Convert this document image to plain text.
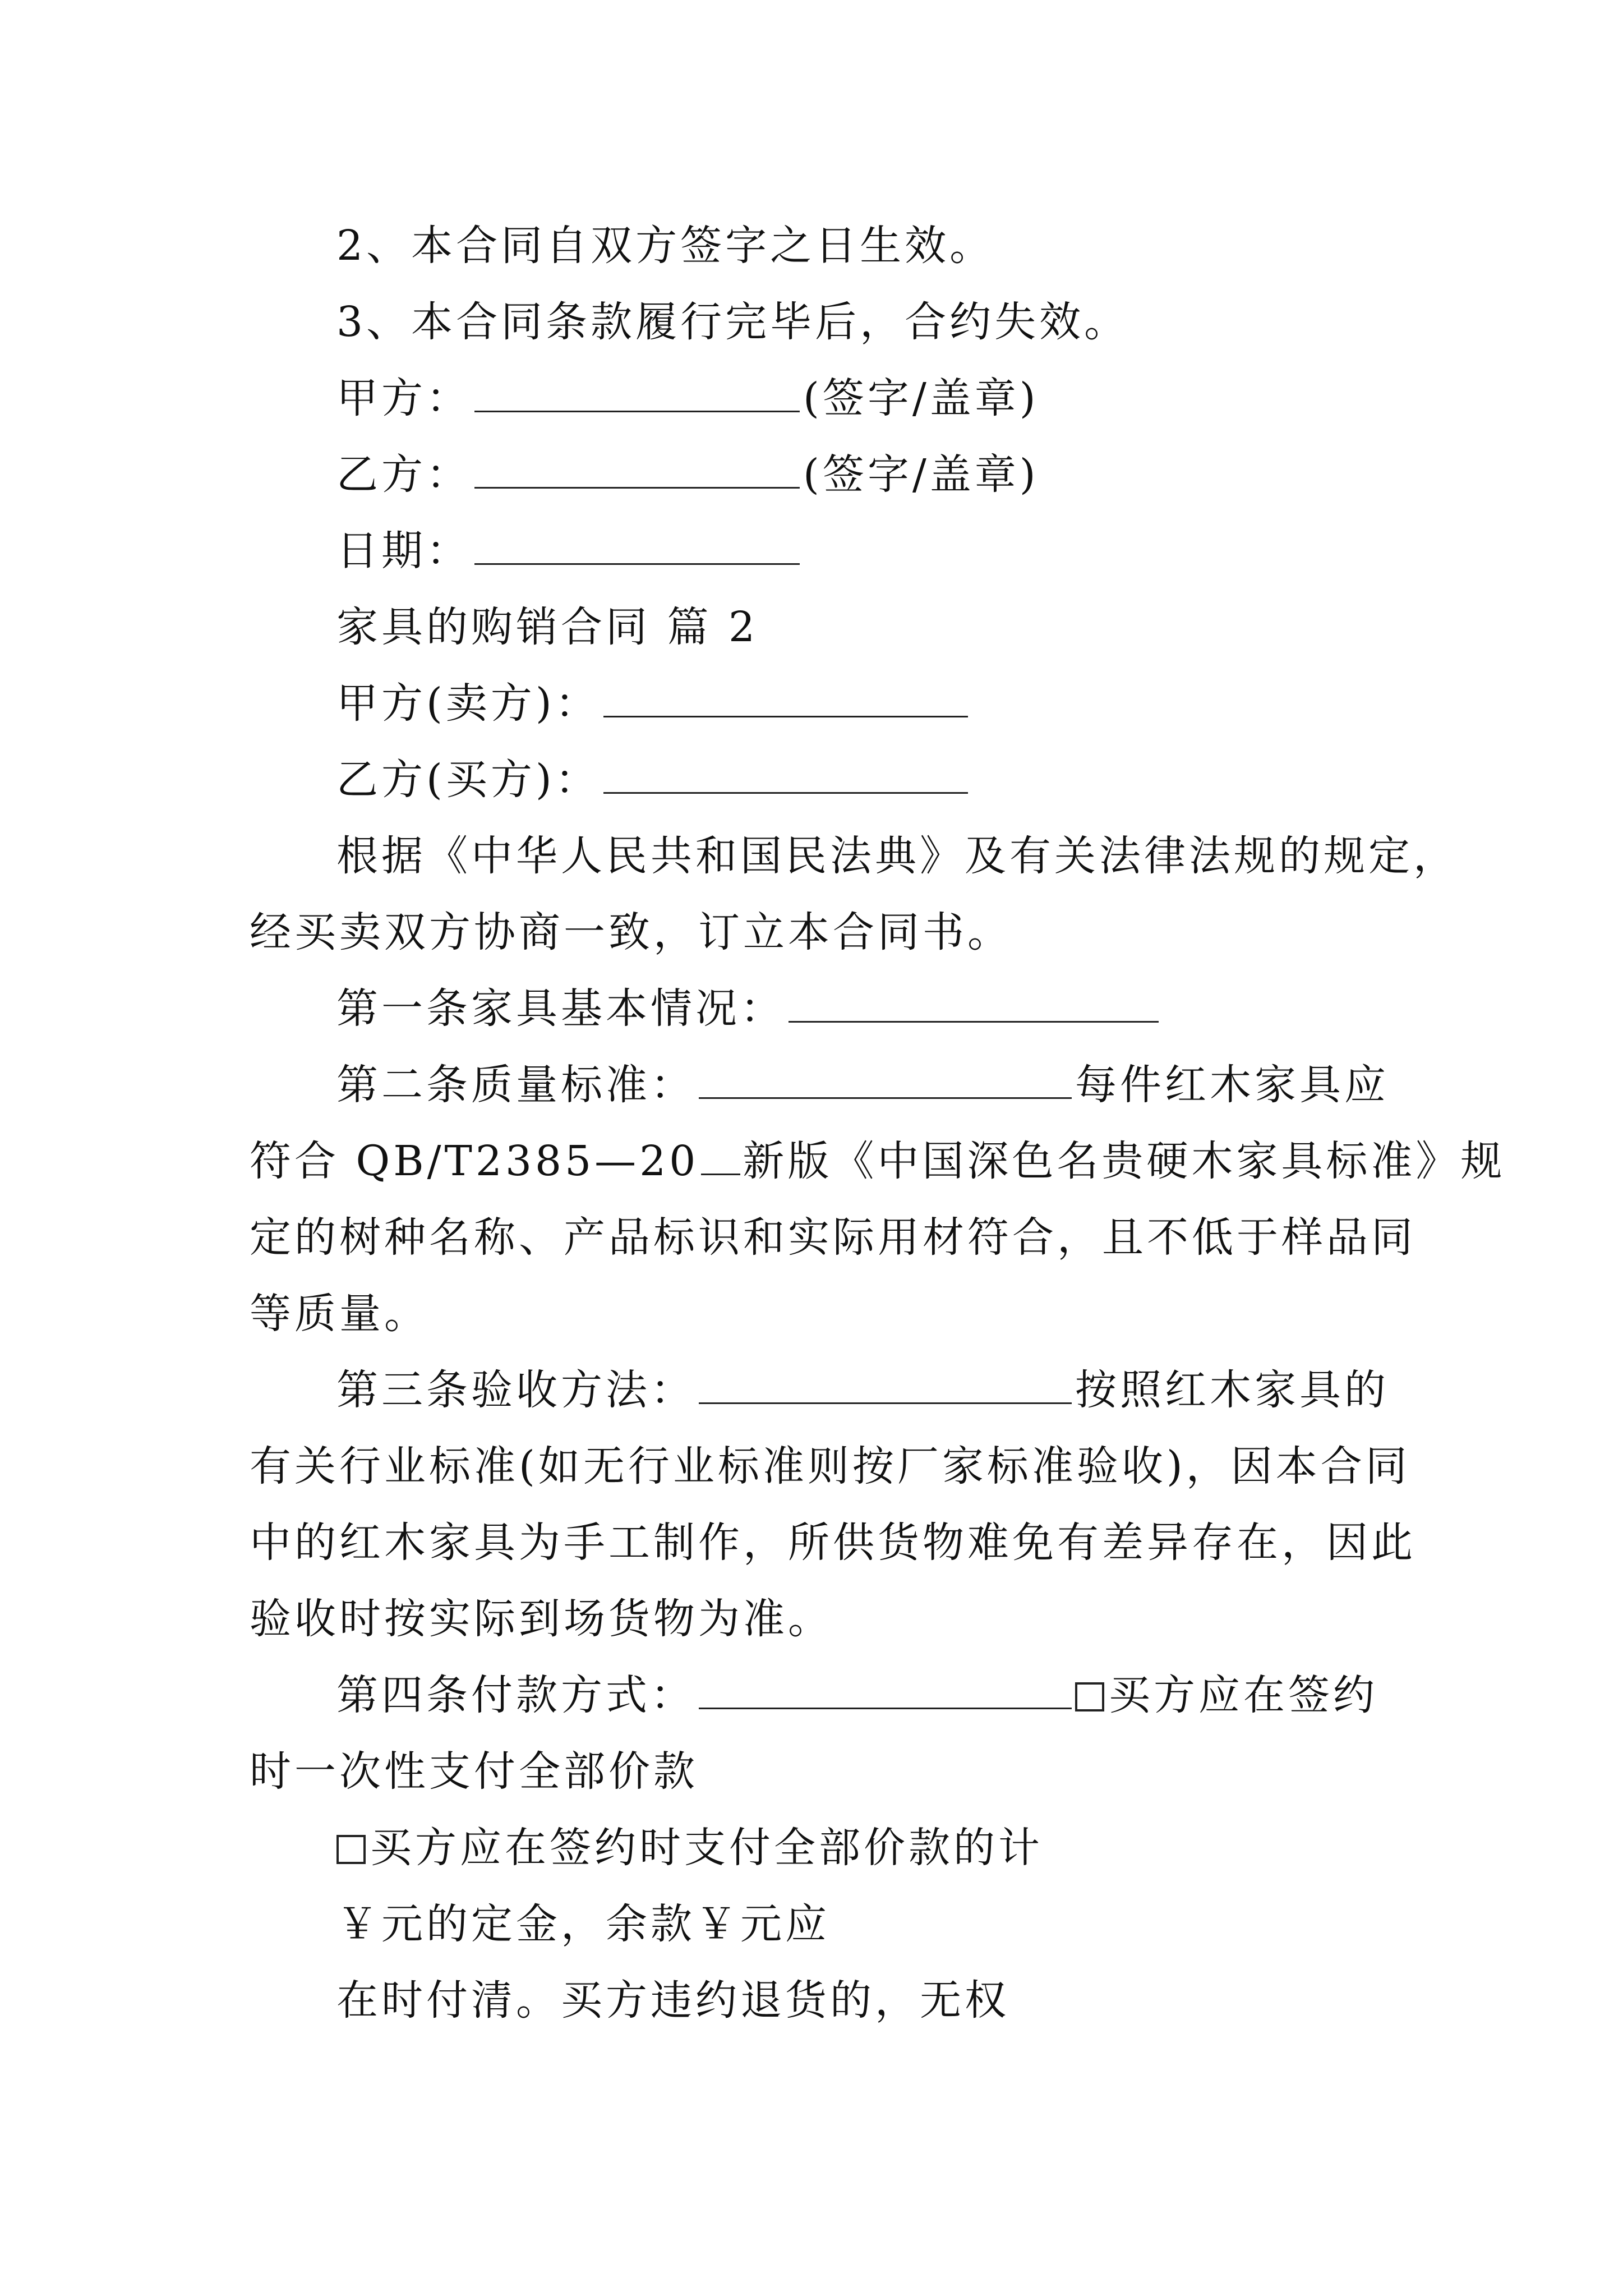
2、本合同自双方签字之日生效。
3、本合同条款履行完毕后，合约失效。
甲方：	(签字/盖章)
乙方：	(签字/盖章)
日期：
家具的购销合同 篇 2
甲方(卖方)：
乙方(买方)：
根据《中华人民共和国民法典》及有关法律法规的规定，
经买卖双方协商一致，订立本合同书。
第一条家具基本情况：
第二条质量标准：	每件红木家具应
符合 QB/T2385—20 新版《中国深色名贵硬木家具标准》规
定的树种名称、产品标识和实际用材符合，且不低于样品同
等质量。
第三条验收方法：	按照红木家具的
有关行业标准(如无行业标准则按厂家标准验收)，因本合同
中的红木家具为手工制作，所供货物难免有差异存在，因此
验收时按实际到场货物为准。
第四条付款方式：	买方应在签约
时一次性支付全部价款
买方应在签约时支付全部价款的计
￥元的定金，余款￥元应
在时付清。买方违约退货的，无权
